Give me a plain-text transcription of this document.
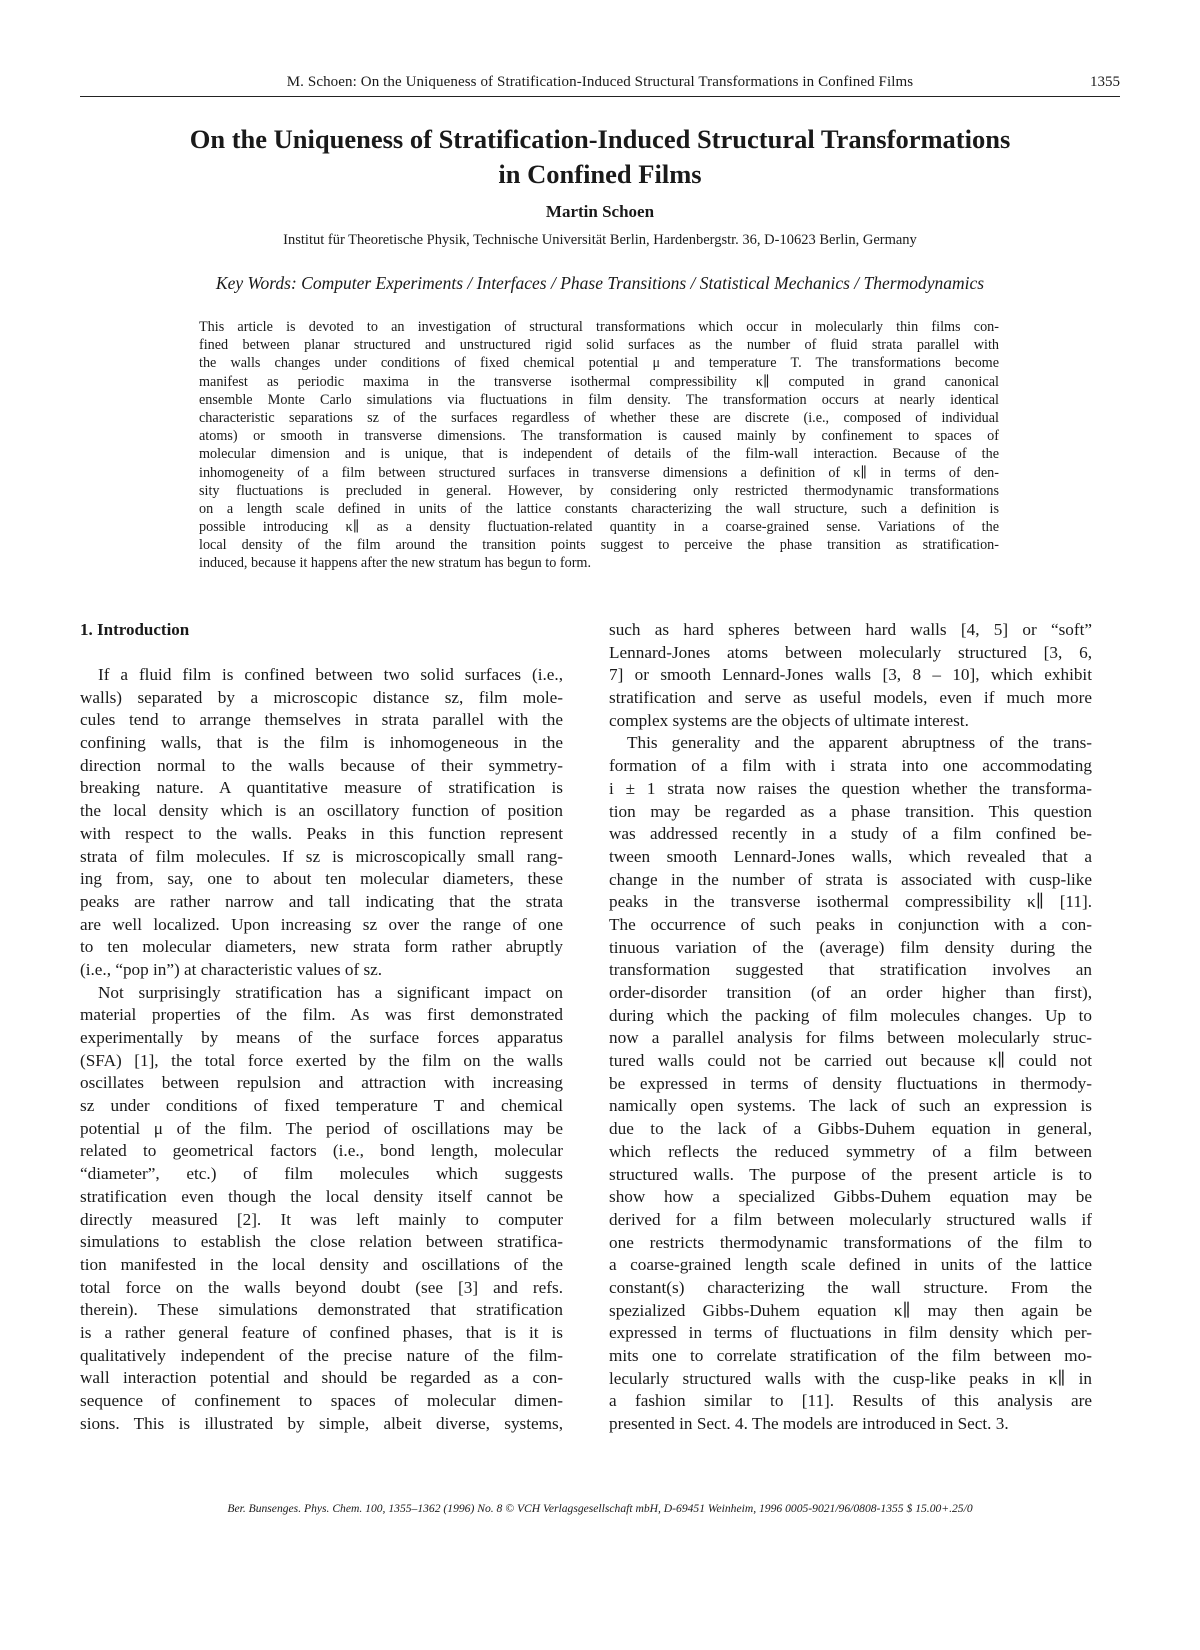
M. Schoen: On the Uniqueness of Stratification-Induced Structural Transformations in Confined Films	1355
On the Uniqueness of Stratification-Induced Structural Transformations
in Confined Films
Martin Schoen
Institut für Theoretische Physik, Technische Universität Berlin, Hardenbergstr. 36, D-10623 Berlin, Germany
Key Words: Computer Experiments / Interfaces / Phase Transitions / Statistical Mechanics / Thermodynamics
This article is devoted to an investigation of structural transformations which occur in molecularly thin films con-
fined between planar structured and unstructured rigid solid surfaces as the number of fluid strata parallel with
the walls changes under conditions of fixed chemical potential μ and temperature T. The transformations become
manifest as periodic maxima in the transverse isothermal compressibility κ∥ computed in grand canonical
ensemble Monte Carlo simulations via fluctuations in film density. The transformation occurs at nearly identical
characteristic separations sz of the surfaces regardless of whether these are discrete (i.e., composed of individual
atoms) or smooth in transverse dimensions. The transformation is caused mainly by confinement to spaces of
molecular dimension and is unique, that is independent of details of the film-wall interaction. Because of the
inhomogeneity of a film between structured surfaces in transverse dimensions a definition of κ∥ in terms of den-
sity fluctuations is precluded in general. However, by considering only restricted thermodynamic transformations
on a length scale defined in units of the lattice constants characterizing the wall structure, such a definition is
possible introducing κ∥ as a density fluctuation-related quantity in a coarse-grained sense. Variations of the
local density of the film around the transition points suggest to perceive the phase transition as stratification-
induced, because it happens after the new stratum has begun to form.
1. Introduction
If a fluid film is confined between two solid surfaces (i.e.,
walls) separated by a microscopic distance sz, film mole-
cules tend to arrange themselves in strata parallel with the
confining walls, that is the film is inhomogeneous in the
direction normal to the walls because of their symmetry-
breaking nature. A quantitative measure of stratification is
the local density which is an oscillatory function of position
with respect to the walls. Peaks in this function represent
strata of film molecules. If sz is microscopically small rang-
ing from, say, one to about ten molecular diameters, these
peaks are rather narrow and tall indicating that the strata
are well localized. Upon increasing sz over the range of one
to ten molecular diameters, new strata form rather abruptly
(i.e., “pop in”) at characteristic values of sz.
Not surprisingly stratification has a significant impact on
material properties of the film. As was first demonstrated
experimentally by means of the surface forces apparatus
(SFA) [1], the total force exerted by the film on the walls
oscillates between repulsion and attraction with increasing
sz under conditions of fixed temperature T and chemical
potential μ of the film. The period of oscillations may be
related to geometrical factors (i.e., bond length, molecular
“diameter”, etc.) of film molecules which suggests
stratification even though the local density itself cannot be
directly measured [2]. It was left mainly to computer
simulations to establish the close relation between stratifica-
tion manifested in the local density and oscillations of the
total force on the walls beyond doubt (see [3] and refs.
therein). These simulations demonstrated that stratification
is a rather general feature of confined phases, that is it is
qualitatively independent of the precise nature of the film-
wall interaction potential and should be regarded as a con-
sequence of confinement to spaces of molecular dimen-
sions. This is illustrated by simple, albeit diverse, systems,
such as hard spheres between hard walls [4, 5] or “soft”
Lennard-Jones atoms between molecularly structured [3, 6,
7] or smooth Lennard-Jones walls [3, 8 – 10], which exhibit
stratification and serve as useful models, even if much more
complex systems are the objects of ultimate interest.
This generality and the apparent abruptness of the trans-
formation of a film with i strata into one accommodating
i ± 1 strata now raises the question whether the transforma-
tion may be regarded as a phase transition. This question
was addressed recently in a study of a film confined be-
tween smooth Lennard-Jones walls, which revealed that a
change in the number of strata is associated with cusp-like
peaks in the transverse isothermal compressibility κ∥ [11].
The occurrence of such peaks in conjunction with a con-
tinuous variation of the (average) film density during the
transformation suggested that stratification involves an
order-disorder transition (of an order higher than first),
during which the packing of film molecules changes. Up to
now a parallel analysis for films between molecularly struc-
tured walls could not be carried out because κ∥ could not
be expressed in terms of density fluctuations in thermody-
namically open systems. The lack of such an expression is
due to the lack of a Gibbs-Duhem equation in general,
which reflects the reduced symmetry of a film between
structured walls. The purpose of the present article is to
show how a specialized Gibbs-Duhem equation may be
derived for a film between molecularly structured walls if
one restricts thermodynamic transformations of the film to
a coarse-grained length scale defined in units of the lattice
constant(s) characterizing the wall structure. From the
spezialized Gibbs-Duhem equation κ∥ may then again be
expressed in terms of fluctuations in film density which per-
mits one to correlate stratification of the film between mo-
lecularly structured walls with the cusp-like peaks in κ∥ in
a fashion similar to [11]. Results of this analysis are
presented in Sect. 4. The models are introduced in Sect. 3.
Ber. Bunsenges. Phys. Chem. 100, 1355–1362 (1996) No. 8 © VCH Verlagsgesellschaft mbH, D-69451 Weinheim, 1996 0005-9021/96/0808-1355 $ 15.00+.25/0
